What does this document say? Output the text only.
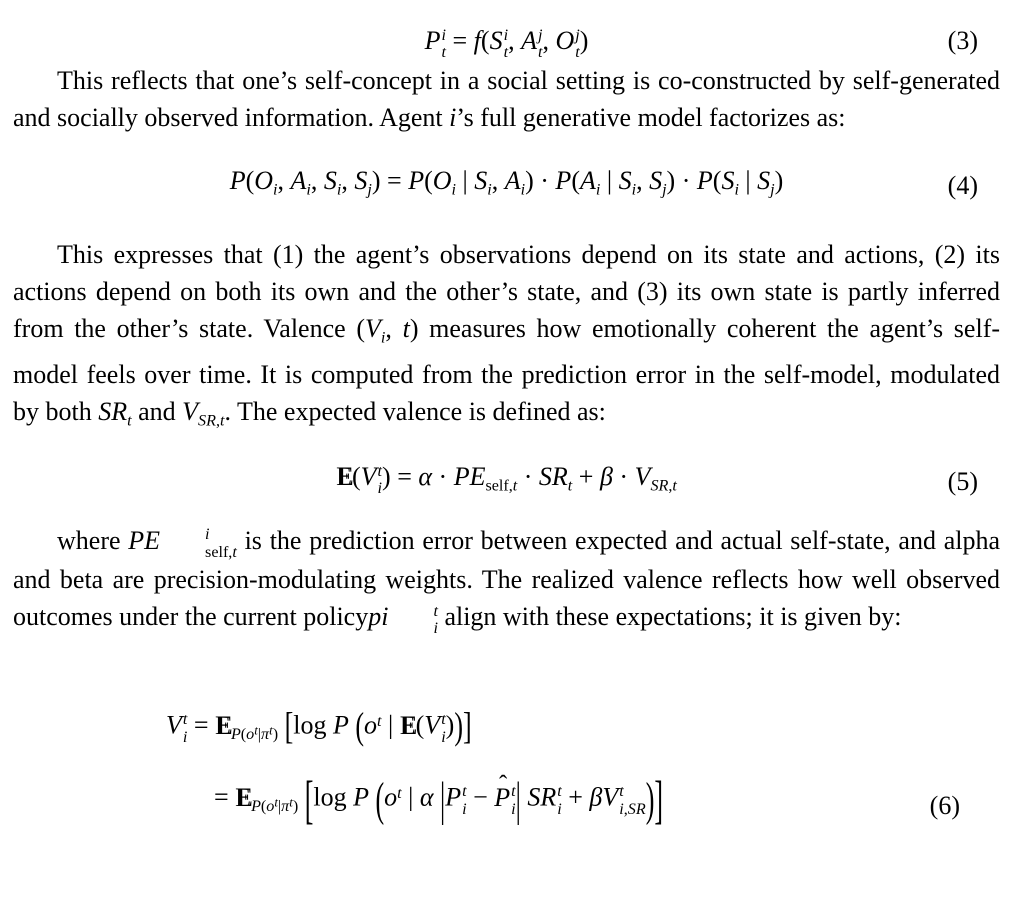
P i
t = f(S i
t , A j
t , O j
t )	(3)

This reflects that one’s self-concept in a social setting is co-constructed by self-generated and socially observed information. Agent i’s full generative model factorizes as:

$P(O_i$, $A_i$, $S_i$, $S_j) = P(O_i$ | $S_i$, $A_i) \cdot P(A_i$ | $S_i$, $S_j) \cdot P(S_i$ | $S_j$)	(4)

This expresses that (1) the agent’s observations depend on its state and actions, (2) its actions depend on both its own and the other’s state, and (3) its own state is partly inferred from the other’s state. Valence ($V_i$, t) measures how emotionally coherent the agent’s self-model feels over time. It is computed from the prediction error in the self-model, modulated by both $SR_t$ and $V_{SR,t}$. The expected valence is defined as:

E E(V t
i ) = $\alpha \cdot PE_{self,t} \cdot SR_t + \beta \cdot V_{SR,t}$	(5)

where PE	i
self,t is the prediction error between expected and actual self-state, and alpha and beta are precision-modulating weights. The realized valence reflects how well observed outcomes under the current policypi	t
i align with these expectations; it is given by:

V t
i = E $E_{P(o^t|\pi^t)}$ [log P ($o^t$ | E E(V t
i ))]
= E $E_{P(o^t|\pi^t)}$ [log P ($o^t$ | α |P t
i − P ˆ t
i | SR t
i + βV t
i,SR )]	(6)
